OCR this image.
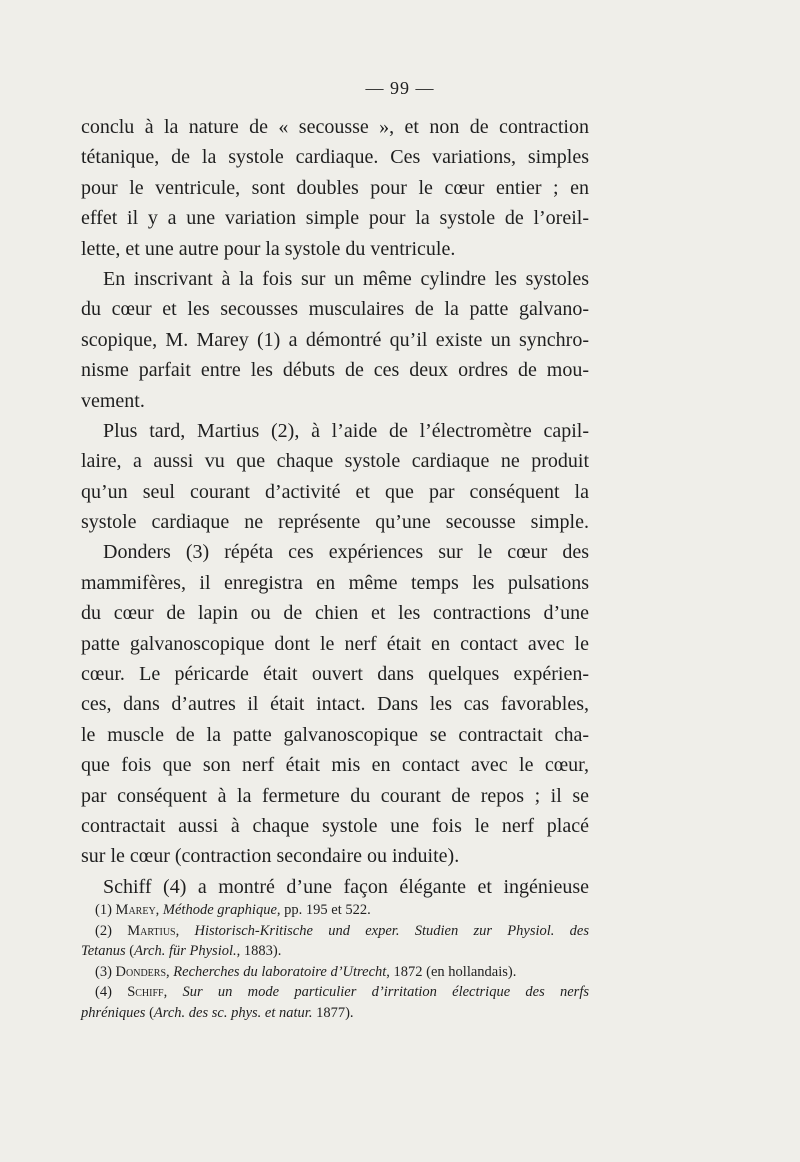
— 99 —
conclu à la nature de « secousse », et non de contraction
tétanique, de la systole cardiaque. Ces variations, simples
pour le ventricule, sont doubles pour le cœur entier ; en
effet il y a une variation simple pour la systole de l’oreil-
lette, et une autre pour la systole du ventricule.
En inscrivant à la fois sur un même cylindre les systoles
du cœur et les secousses musculaires de la patte galvano-
scopique, M. Marey (1) a démontré qu’il existe un synchro-
nisme parfait entre les débuts de ces deux ordres de mou-
vement.
Plus tard, Martius (2), à l’aide de l’électromètre capil-
laire, a aussi vu que chaque systole cardiaque ne produit
qu’un seul courant d’activité et que par conséquent la
systole cardiaque ne représente qu’une secousse simple.
Donders (3) répéta ces expériences sur le cœur des
mammifères, il enregistra en même temps les pulsations
du cœur de lapin ou de chien et les contractions d’une
patte galvanoscopique dont le nerf était en contact avec le
cœur. Le péricarde était ouvert dans quelques expérien-
ces, dans d’autres il était intact. Dans les cas favorables,
le muscle de la patte galvanoscopique se contractait cha-
que fois que son nerf était mis en contact avec le cœur,
par conséquent à la fermeture du courant de repos ; il se
contractait aussi à chaque systole une fois le nerf placé
sur le cœur (contraction secondaire ou induite).
Schiff (4) a montré d’une façon élégante et ingénieuse
(1) Marey, Méthode graphique, pp. 195 et 522.
(2) Martius, Historisch-Kritische und exper. Studien zur Physiol. des
Tetanus (Arch. für Physiol., 1883).
(3) Donders, Recherches du laboratoire d’Utrecht, 1872 (en hollandais).
(4) Schiff, Sur un mode particulier d’irritation électrique des nerfs
phréniques (Arch. des sc. phys. et natur. 1877).
